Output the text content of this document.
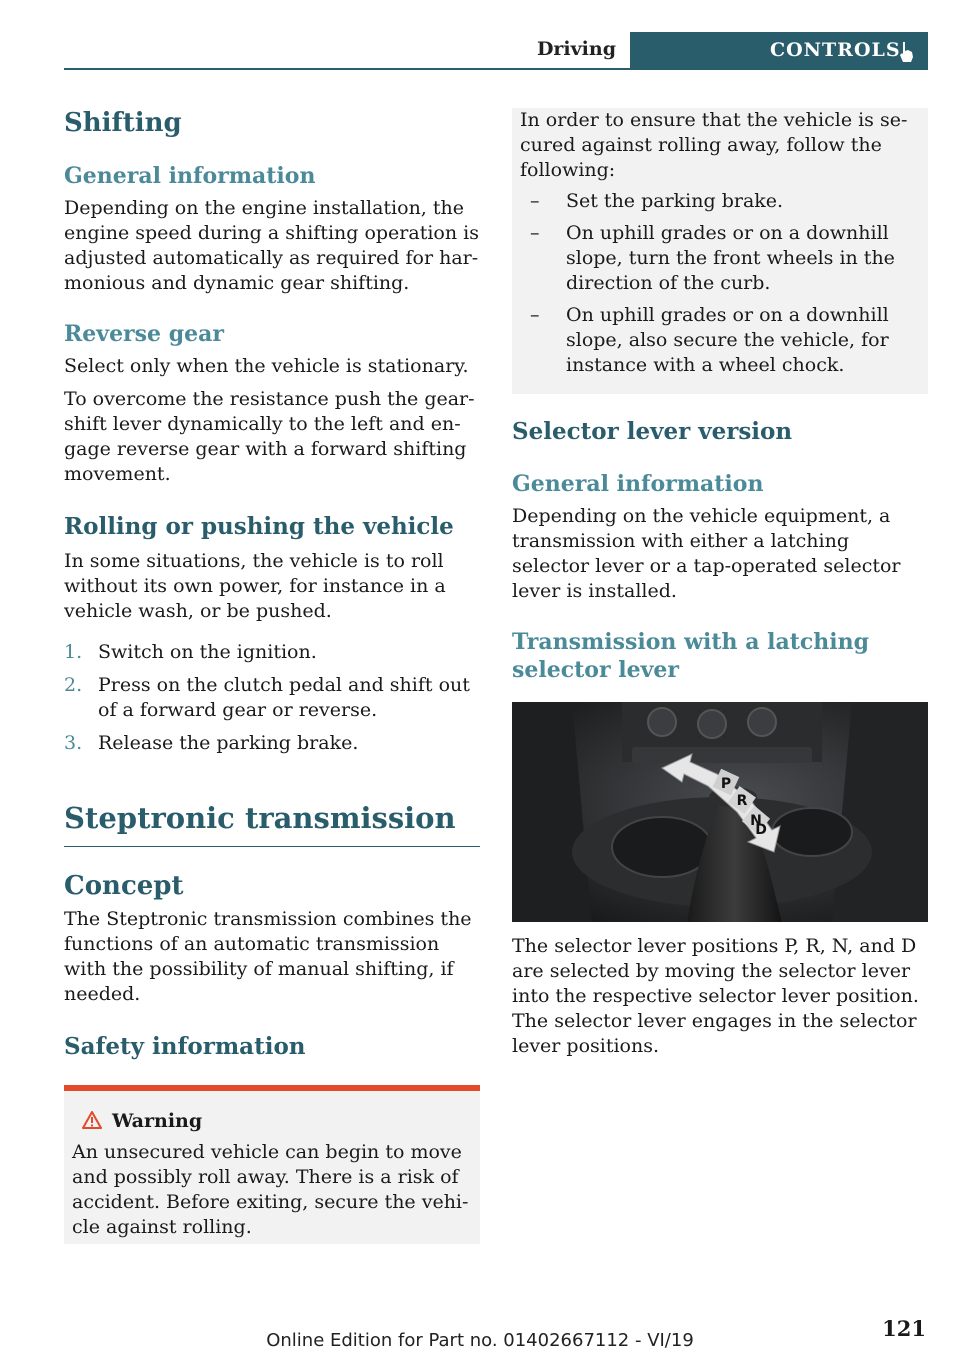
Driving	CONTROLS
Shifting
General information

Depending on the engine installation, the engine speed during a shifting operation is adjusted automatically as required for harmonious and dynamic gear shifting.

Reverse gear

Select only when the vehicle is stationary.

To overcome the resistance push the gearshift lever dynamically to the left and engage reverse gear with a forward shifting movement.

Rolling or pushing the vehicle

In some situations, the vehicle is to roll without its own power, for instance in a vehicle wash, or be pushed.

1. Switch on the ignition.
2. Press on the clutch pedal and shift out of a forward gear or reverse.
3. Release the parking brake.
Steptronic transmission
Concept

The Steptronic transmission combines the functions of an automatic transmission with the possibility of manual shifting, if needed.

Safety information
Warning

An unsecured vehicle can begin to move and possibly roll away. There is a risk of accident. Before exiting, secure the vehicle against rolling.

In order to ensure that the vehicle is secured against rolling away, follow the following:

– Set the parking brake.
– On uphill grades or on a downhill slope, turn the front wheels in the direction of the curb.
– On uphill grades or on a downhill slope, also secure the vehicle, for instance with a wheel chock.
Selector lever version
General information

Depending on the vehicle equipment, a transmission with either a latching selector lever or a tap-operated selector lever is installed.

Transmission with a latching selector lever
P
R
N
D

The selector lever positions P, R, N, and D are selected by moving the selector lever into the respective selector lever position. The selector lever engages in the selector lever positions.

121
Online Edition for Part no. 01402667112 - VI/19
